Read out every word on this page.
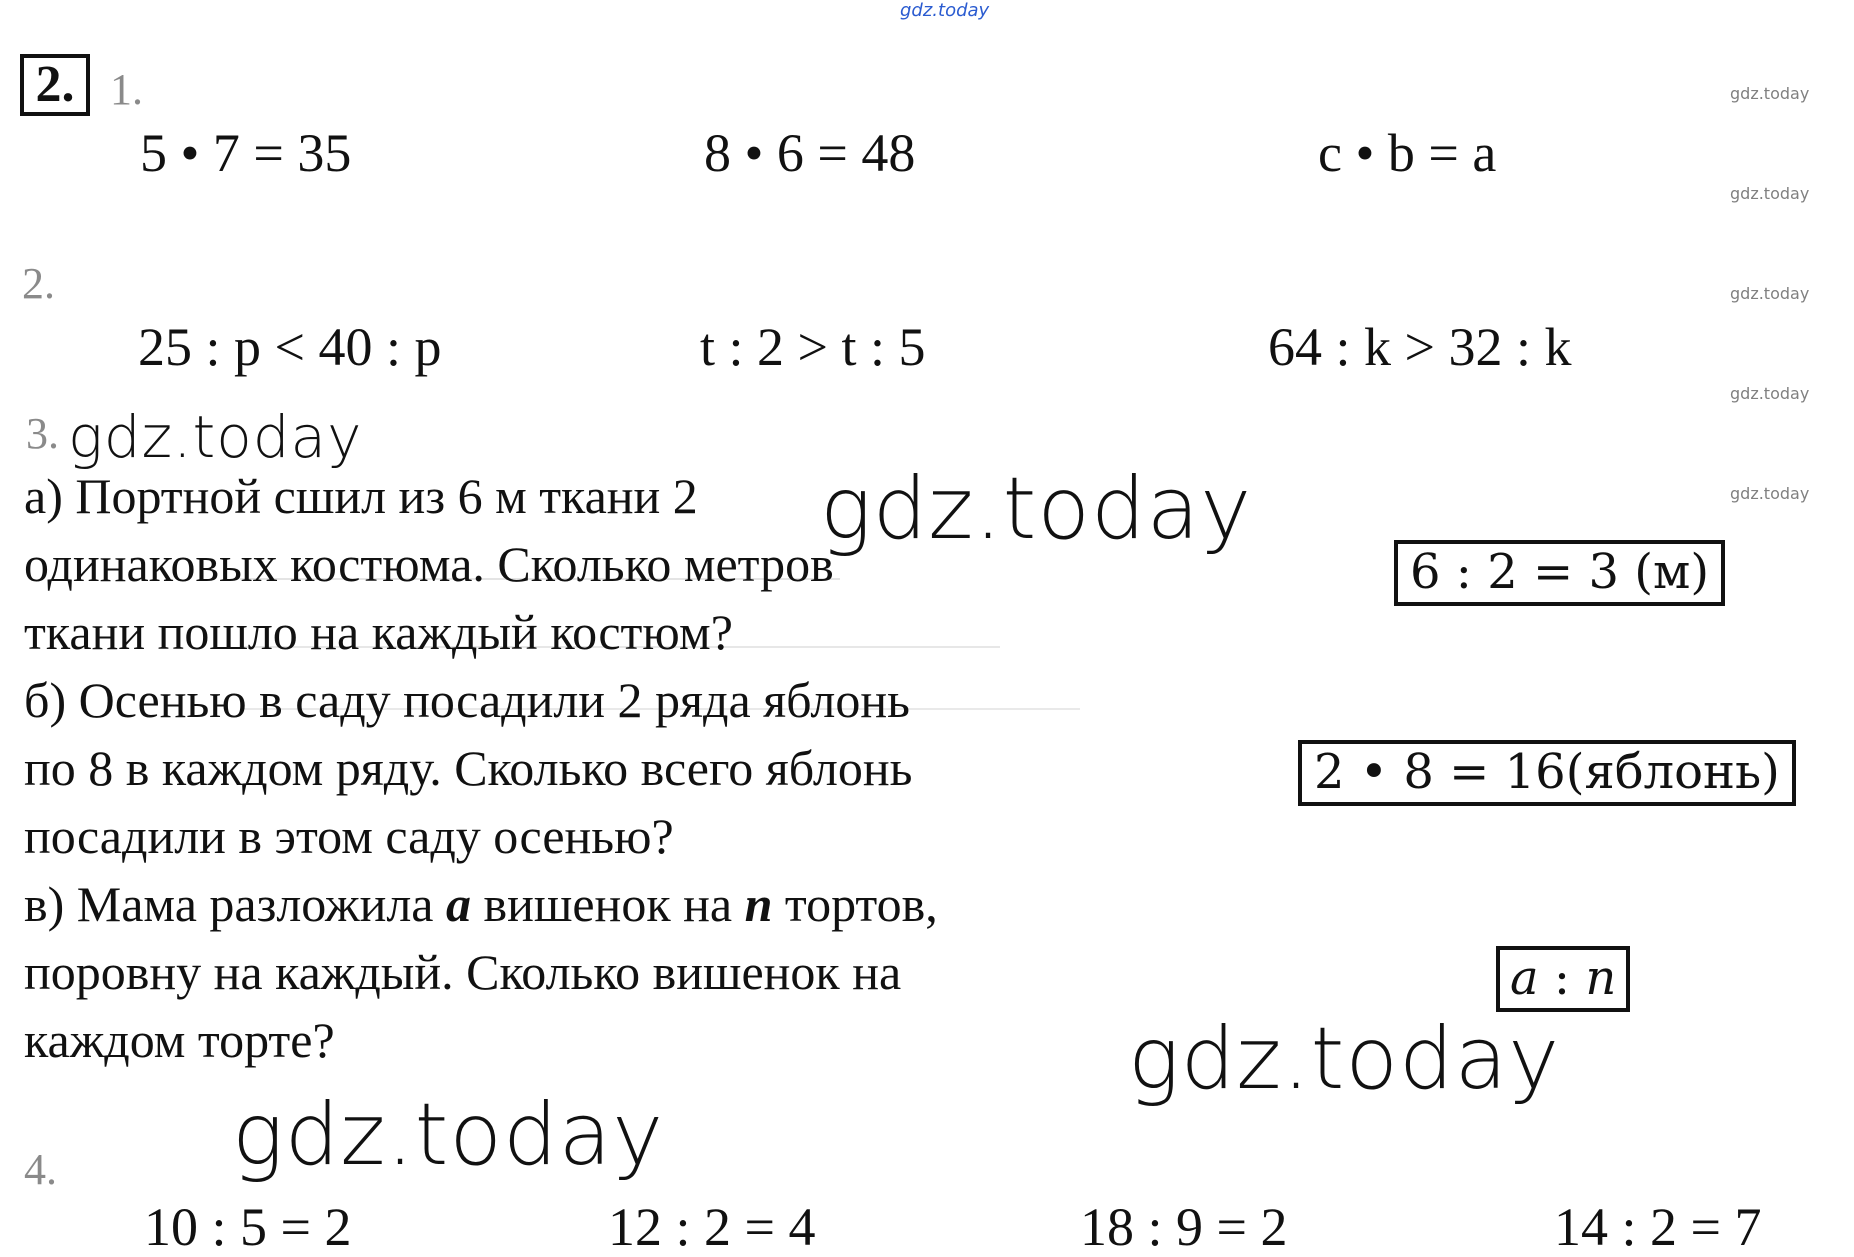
gdz.today
gdz.today
gdz.today
gdz.today
gdz.today
gdz.today
2. 1.
5 • 7 = 35	8 • 6 = 48	c • b = a
2.
25 : p < 40 : p	t : 2 > t : 5	64 : k > 32 : k
3. gdz.today
а) Портной сшил из 6 м ткани 2
одинаковых костюма. Сколько метров
ткани пошло на каждый костюм?
б) Осенью в саду посадили 2 ряда яблонь
по 8 в каждом ряду. Сколько всего яблонь
посадили в этом саду осенью?
в) Мама разложила a вишенок на n тортов,
поровну на каждый. Сколько вишенок на
каждом торте?
gdz.today
6 : 2 = 3 (м)
2 • 8 = 16(яблонь)
a : n
gdz.today
gdz.today
4.
10 : 5 = 2	12 : 2 = 4	18 : 9 = 2	14 : 2 = 7
